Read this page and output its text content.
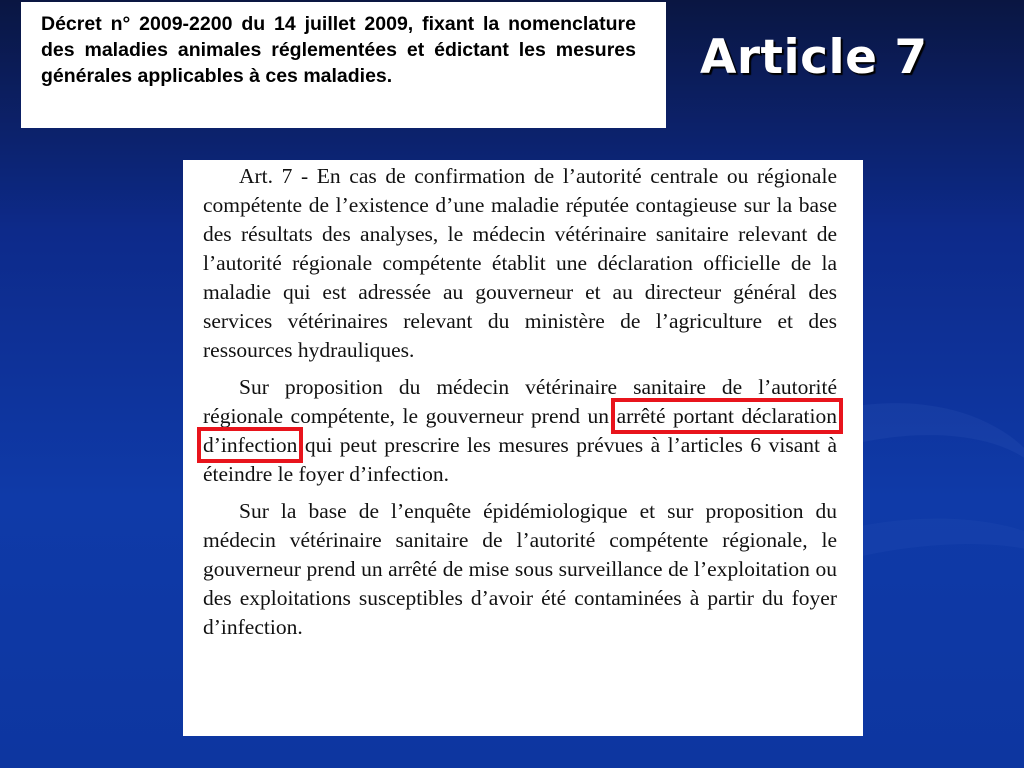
Décret n° 2009-2200 du 14 juillet 2009, fixant la nomenclature des maladies animales réglementées et édictant les mesures générales applicables à ces maladies.	Article 7

Art. 7 - En cas de confirmation de l’autorité centrale ou régionale compétente de l’existence d’une maladie réputée contagieuse sur la base des résultats des analyses, le médecin vétérinaire sanitaire relevant de l’autorité régionale compétente établit une déclaration officielle de la maladie qui est adressée au gouverneur et au directeur général des services vétérinaires relevant du ministère de l’agriculture et des ressources hydrauliques.

Sur proposition du médecin vétérinaire sanitaire de l’autorité régionale compétente, le gouverneur prend un arrêté portant déclaration d’infection qui peut prescrire les mesures prévues à l’articles 6 visant à éteindre le foyer d’infection.

Sur la base de l’enquête épidémiologique et sur proposition du médecin vétérinaire sanitaire de l’autorité compétente régionale, le gouverneur prend un arrêté de mise sous surveillance de l’exploitation ou des exploitations susceptibles d’avoir été contaminées à partir du foyer d’infection.
